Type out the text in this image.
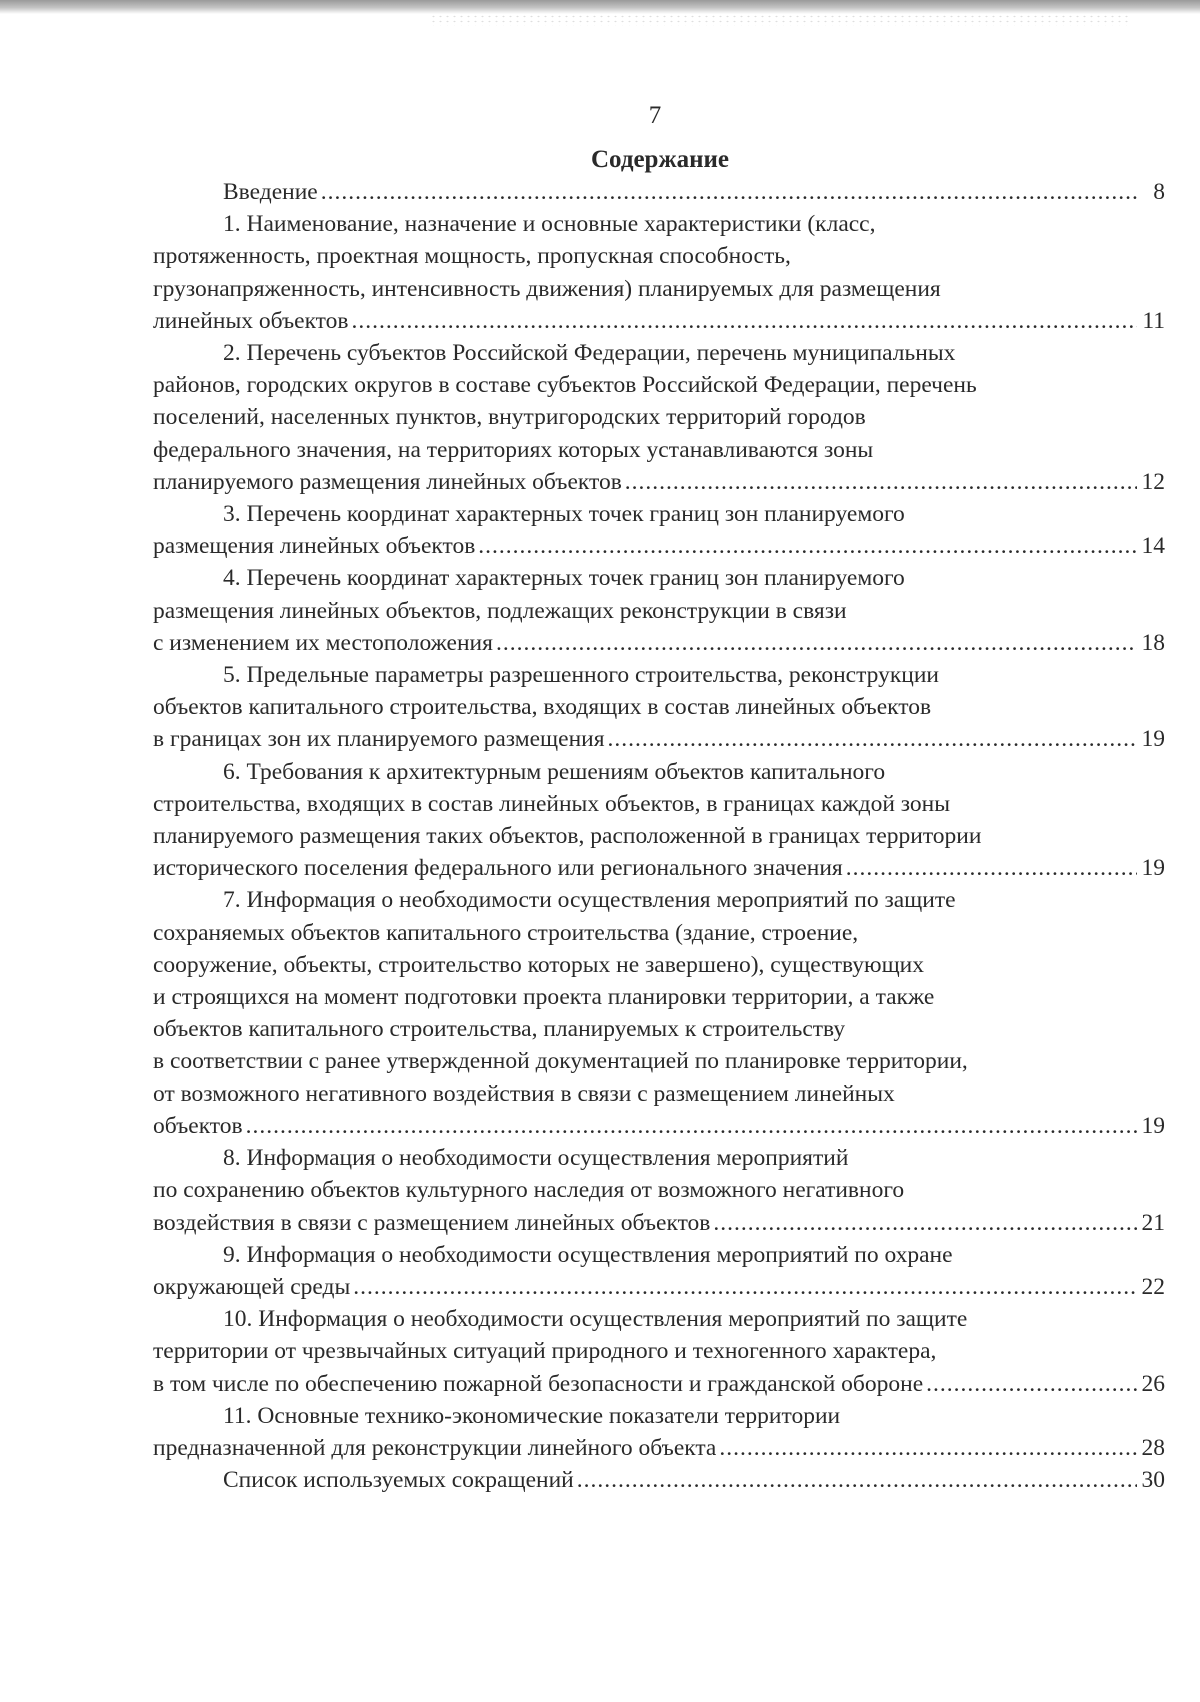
7
Содержание
Введение .....	8
1. Наименование, назначение и основные характеристики (класс,
протяженность, проектная мощность, пропускная способность,
грузонапряженность, интенсивность движения) планируемых для размещения
линейных объектов .....	11
2. Перечень субъектов Российской Федерации, перечень муниципальных
районов, городских округов в составе субъектов Российской Федерации, перечень
поселений, населенных пунктов, внутригородских территорий городов
федерального значения, на территориях которых устанавливаются зоны
планируемого размещения линейных объектов .....	12
3. Перечень координат характерных точек границ зон планируемого
размещения линейных объектов .....	14
4. Перечень координат характерных точек границ зон планируемого
размещения линейных объектов, подлежащих реконструкции в связи
с изменением их местоположения .....	18
5. Предельные параметры разрешенного строительства, реконструкции
объектов капитального строительства, входящих в состав линейных объектов
в границах зон их планируемого размещения .....	19
6. Требования к архитектурным решениям объектов капитального
строительства, входящих в состав линейных объектов, в границах каждой зоны
планируемого размещения таких объектов, расположенной в границах территории
исторического поселения федерального или регионального значения .....	19
7. Информация о необходимости осуществления мероприятий по защите
сохраняемых объектов капитального строительства (здание, строение,
сооружение, объекты, строительство которых не завершено), существующих
и строящихся на момент подготовки проекта планировки территории, а также
объектов капитального строительства, планируемых к строительству
в соответствии с ранее утвержденной документацией по планировке территории,
от возможного негативного воздействия в связи с размещением линейных
объектов .....	19
8. Информация о необходимости осуществления мероприятий
по сохранению объектов культурного наследия от возможного негативного
воздействия в связи с размещением линейных объектов .....	21
9. Информация о необходимости осуществления мероприятий по охране
окружающей среды .....	22
10. Информация о необходимости осуществления мероприятий по защите
территории от чрезвычайных ситуаций природного и техногенного характера,
в том числе по обеспечению пожарной безопасности и гражданской обороне .....	26
11. Основные технико-экономические показатели территории
предназначенной для реконструкции линейного объекта .....	28
Список используемых сокращений .....	30
